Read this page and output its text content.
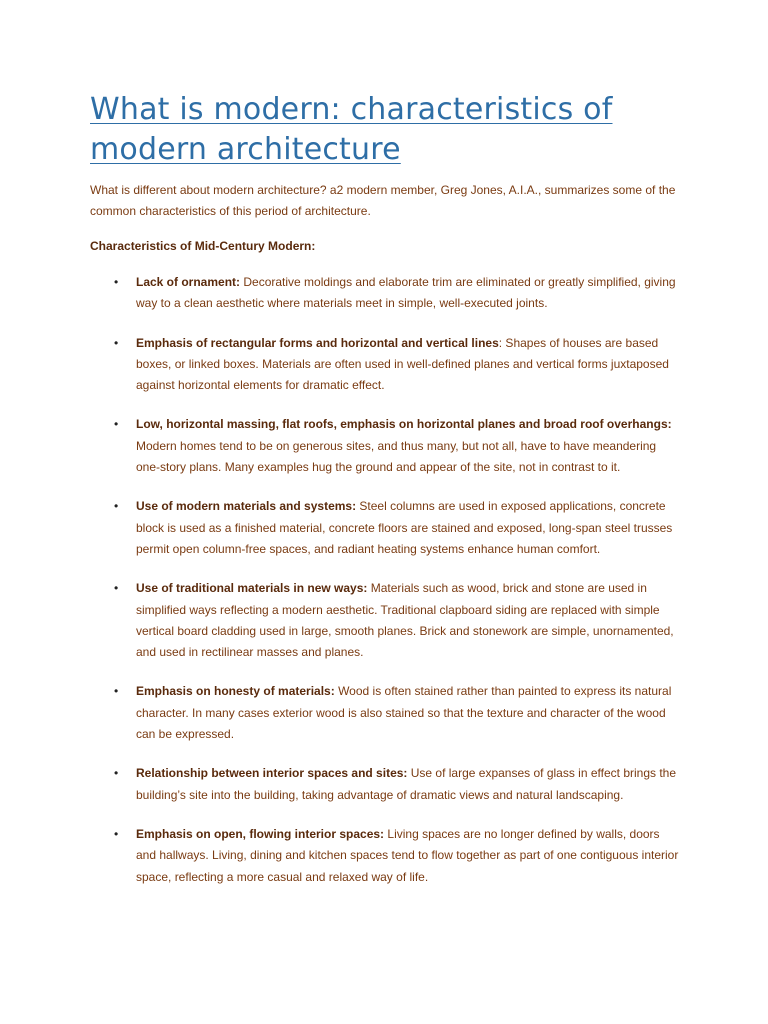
What is modern: characteristics of modern architecture

What is different about modern architecture? a2 modern member, Greg Jones, A.I.A., summarizes some of the common characteristics of this period of architecture.

Characteristics of Mid-Century Modern:

• Lack of ornament: Decorative moldings and elaborate trim are eliminated or greatly simplified, giving way to a clean aesthetic where materials meet in simple, well-executed joints.
• Emphasis of rectangular forms and horizontal and vertical lines: Shapes of houses are based boxes, or linked boxes. Materials are often used in well-defined planes and vertical forms juxtaposed against horizontal elements for dramatic effect.
• Low, horizontal massing, flat roofs, emphasis on horizontal planes and broad roof overhangs: Modern homes tend to be on generous sites, and thus many, but not all, have to have meandering one-story plans. Many examples hug the ground and appear of the site, not in contrast to it.
• Use of modern materials and systems: Steel columns are used in exposed applications, concrete block is used as a finished material, concrete floors are stained and exposed, long-span steel trusses permit open column-free spaces, and radiant heating systems enhance human comfort.
• Use of traditional materials in new ways: Materials such as wood, brick and stone are used in simplified ways reflecting a modern aesthetic. Traditional clapboard siding are replaced with simple vertical board cladding used in large, smooth planes. Brick and stonework are simple, unornamented, and used in rectilinear masses and planes.
• Emphasis on honesty of materials: Wood is often stained rather than painted to express its natural character. In many cases exterior wood is also stained so that the texture and character of the wood can be expressed.
• Relationship between interior spaces and sites: Use of large expanses of glass in effect brings the building’s site into the building, taking advantage of dramatic views and natural landscaping.
• Emphasis on open, flowing interior spaces: Living spaces are no longer defined by walls, doors and hallways. Living, dining and kitchen spaces tend to flow together as part of one contiguous interior space, reflecting a more casual and relaxed way of life.
